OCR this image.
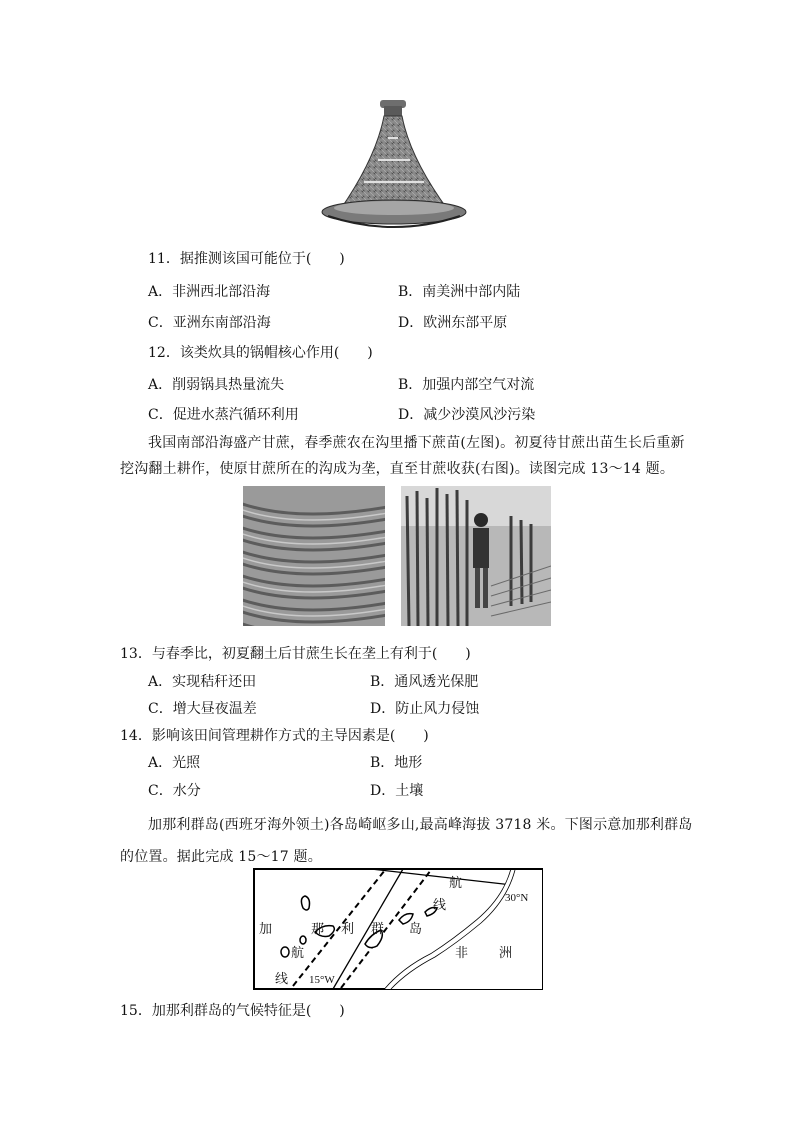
11．据推测该国可能位于(　　)
A．非洲西北部沿海	B．南美洲中部内陆
C．亚洲东南部沿海	D．欧洲东部平原
12．该类炊具的锅帽核心作用(　　)
A．削弱锅具热量流失	B．加强内部空气对流
C．促进水蒸汽循环利用	D．减少沙漠风沙污染
我国南部沿海盛产甘蔗，春季蔗农在沟里播下蔗苗(左图)。初夏待甘蔗出苗生长后重新
挖沟翻土耕作，使原甘蔗所在的沟成为垄，直至甘蔗收获(右图)。读图完成 13～14 题。
13．与春季比，初夏翻土后甘蔗生长在垄上有利于(　　)
A．实现秸秆还田	B．通风透光保肥
C．增大昼夜温差	D．防止风力侵蚀
14．影响该田间管理耕作方式的主导因素是(　　)
A．光照	B．地形
C．水分	D．土壤
加那利群岛(西班牙海外领土)各岛崎岖多山,最高峰海拔 3718 米。下图示意加那利群岛
的位置。据此完成 15～17 题。
加	那 利 群 岛
航
线
航
线
非 洲
30°N
15°W
15．加那利群岛的气候特征是(　　)
